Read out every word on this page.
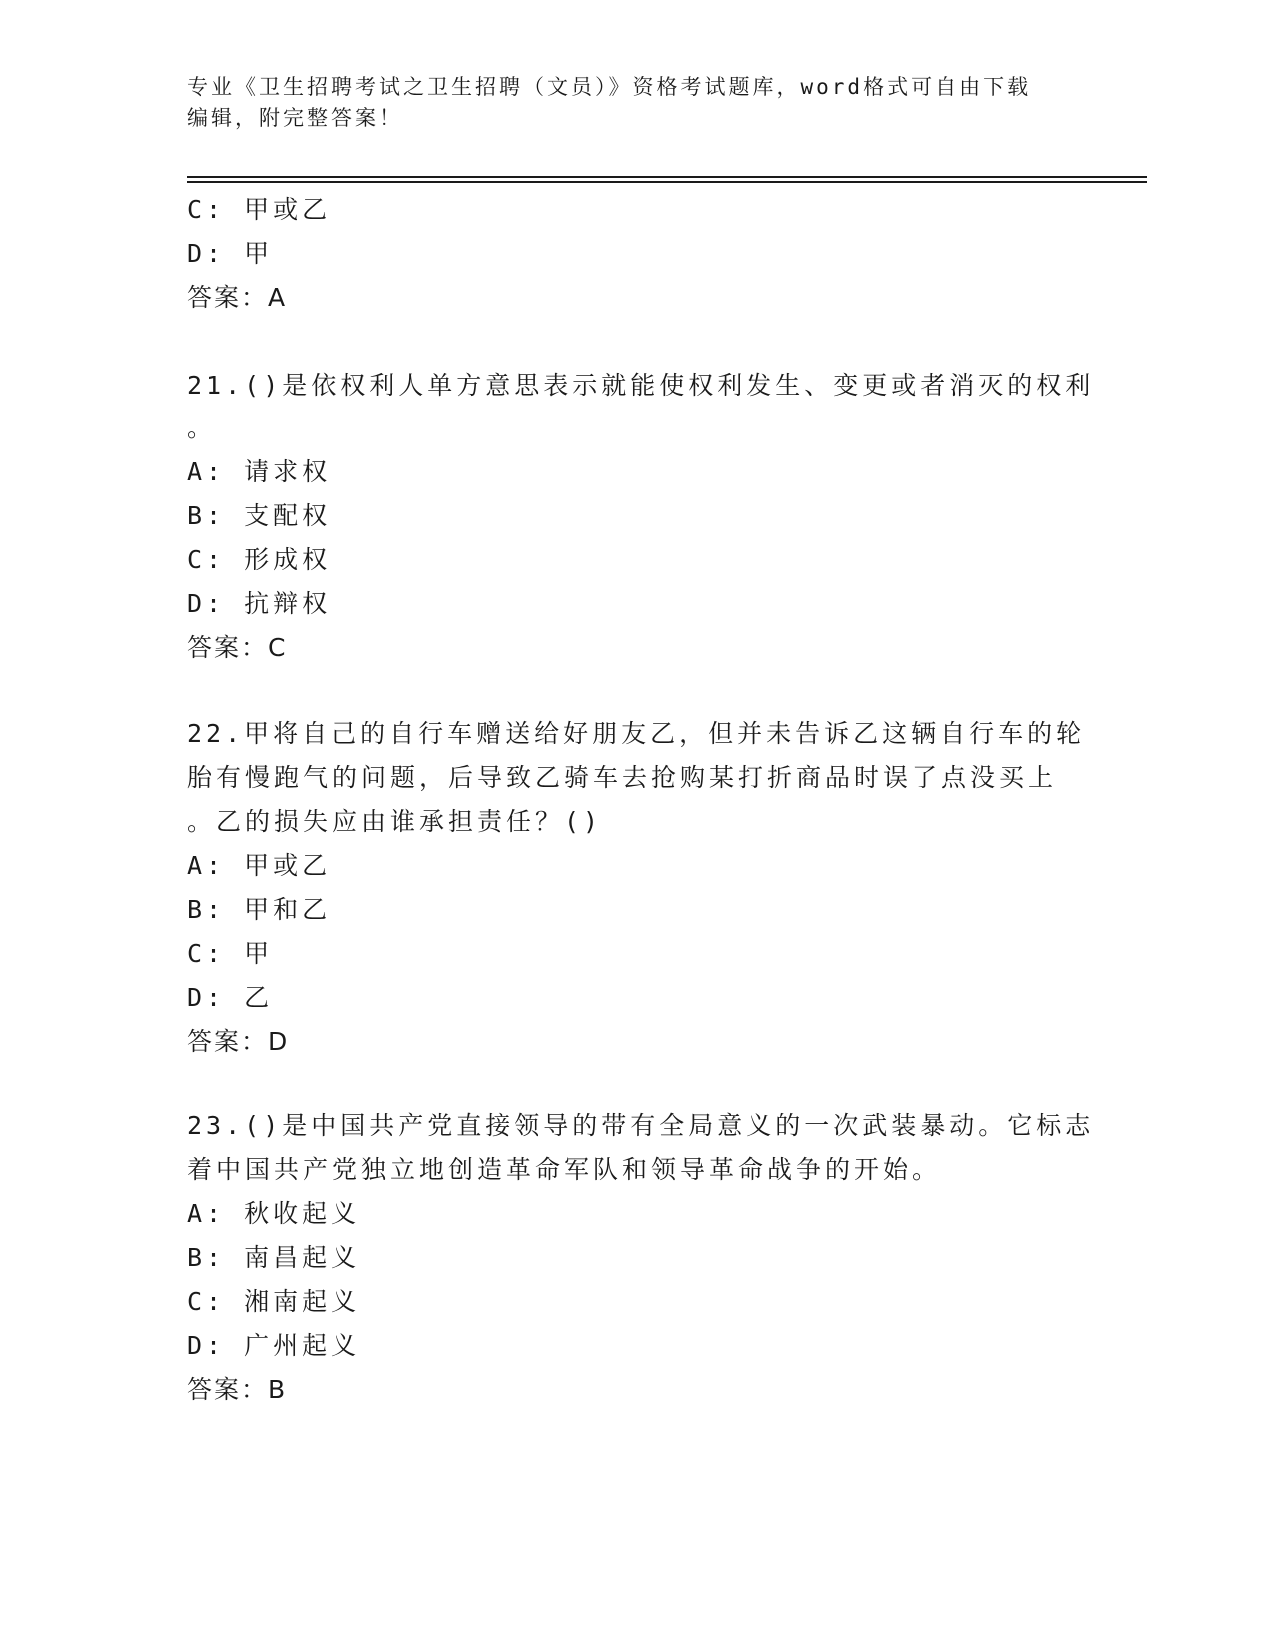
专业《卫生招聘考试之卫生招聘（文员）》资格考试题库，word格式可自由下载
编辑，附完整答案！
C: 甲或乙
D: 甲
答案：A
21.()是依权利人单方意思表示就能使权利发生、变更或者消灭的权利
。
A: 请求权
B: 支配权
C: 形成权
D: 抗辩权
答案：C
22.甲将自己的自行车赠送给好朋友乙，但并未告诉乙这辆自行车的轮
胎有慢跑气的问题，后导致乙骑车去抢购某打折商品时误了点没买上
。乙的损失应由谁承担责任？()
A: 甲或乙
B: 甲和乙
C: 甲
D: 乙
答案：D
23.()是中国共产党直接领导的带有全局意义的一次武装暴动。它标志
着中国共产党独立地创造革命军队和领导革命战争的开始。
A: 秋收起义
B: 南昌起义
C: 湘南起义
D: 广州起义
答案：B
